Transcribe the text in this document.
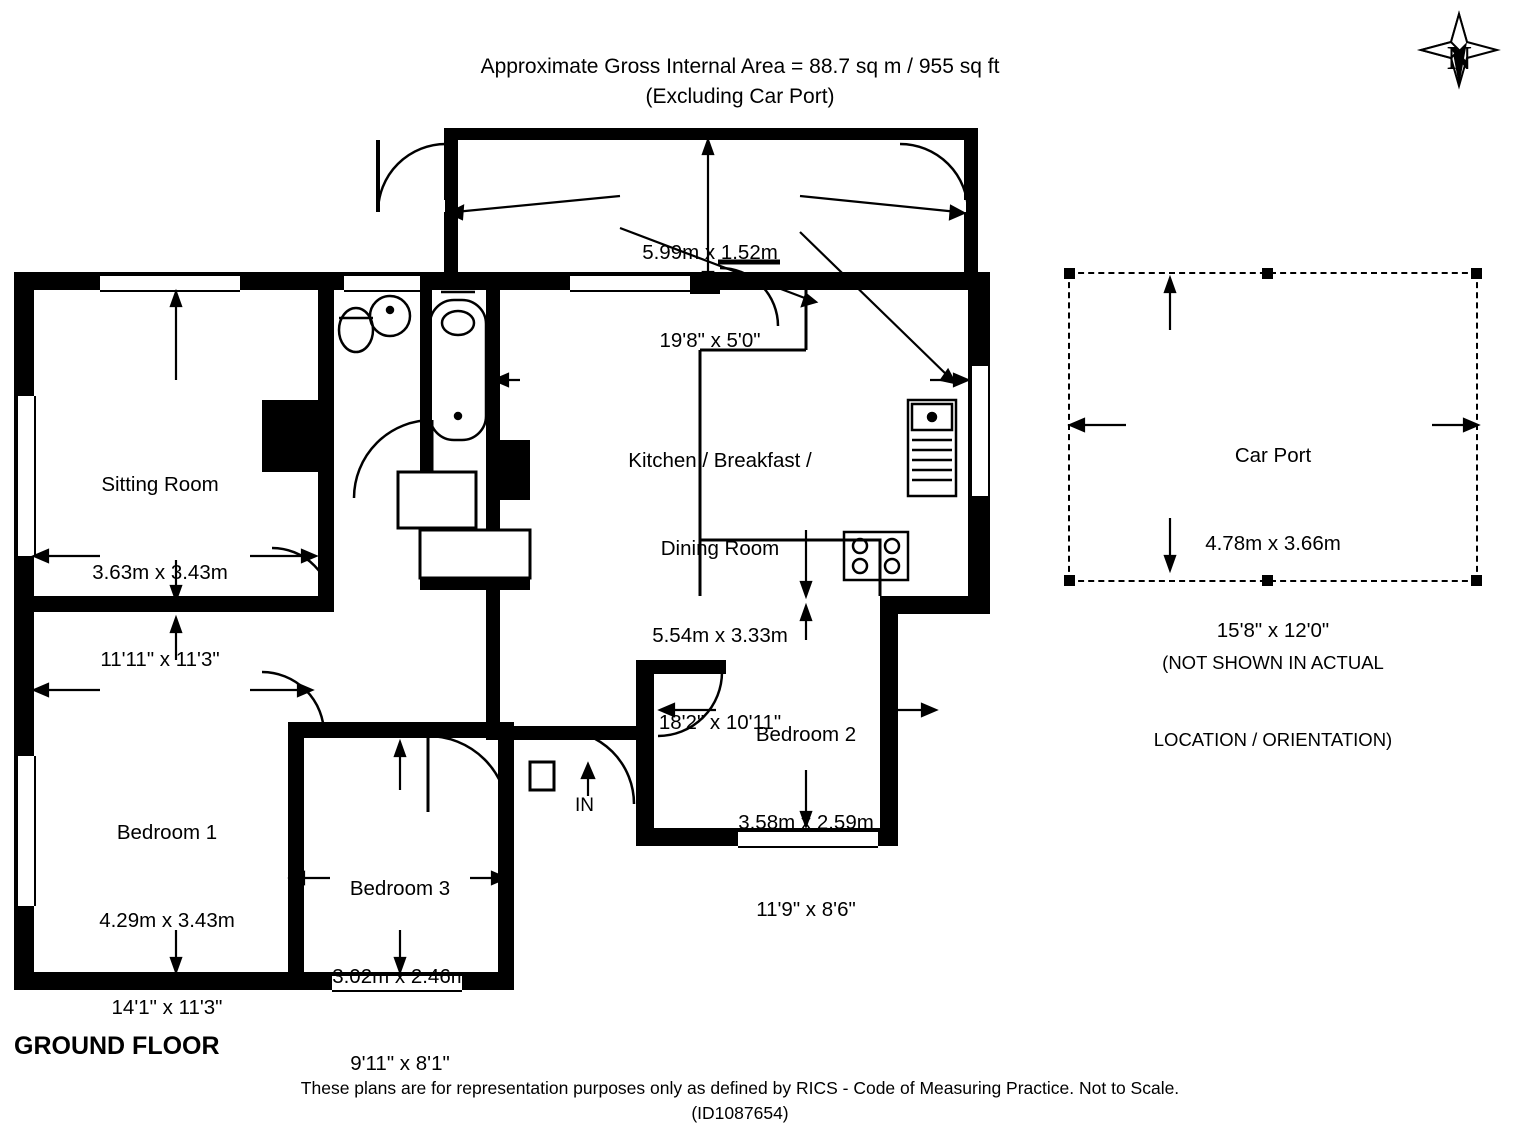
Approximate Gross Internal Area = 88.7 sq m / 955 sq ft
(Excluding Car Port)
N

5.99m x 1.52m

19'8" x 5'0"

Sitting Room

3.63m x 3.43m

11'11" x 11'3"

Kitchen / Breakfast /

Dining Room

5.54m x 3.33m

18'2" x 10'11"

Bedroom 1

4.29m x 3.43m

14'1" x 11'3"

Bedroom 2

3.58m x 2.59m

11'9" x 8'6"

Bedroom 3

3.02m x 2.46m

9'11" x 8'1"

IN

Car Port

4.78m x 3.66m

15'8" x 12'0"

(NOT SHOWN IN ACTUAL

LOCATION / ORIENTATION)

GROUND FLOOR
These plans are for representation purposes only as defined by RICS - Code of Measuring Practice. Not to Scale.
(ID1087654)
